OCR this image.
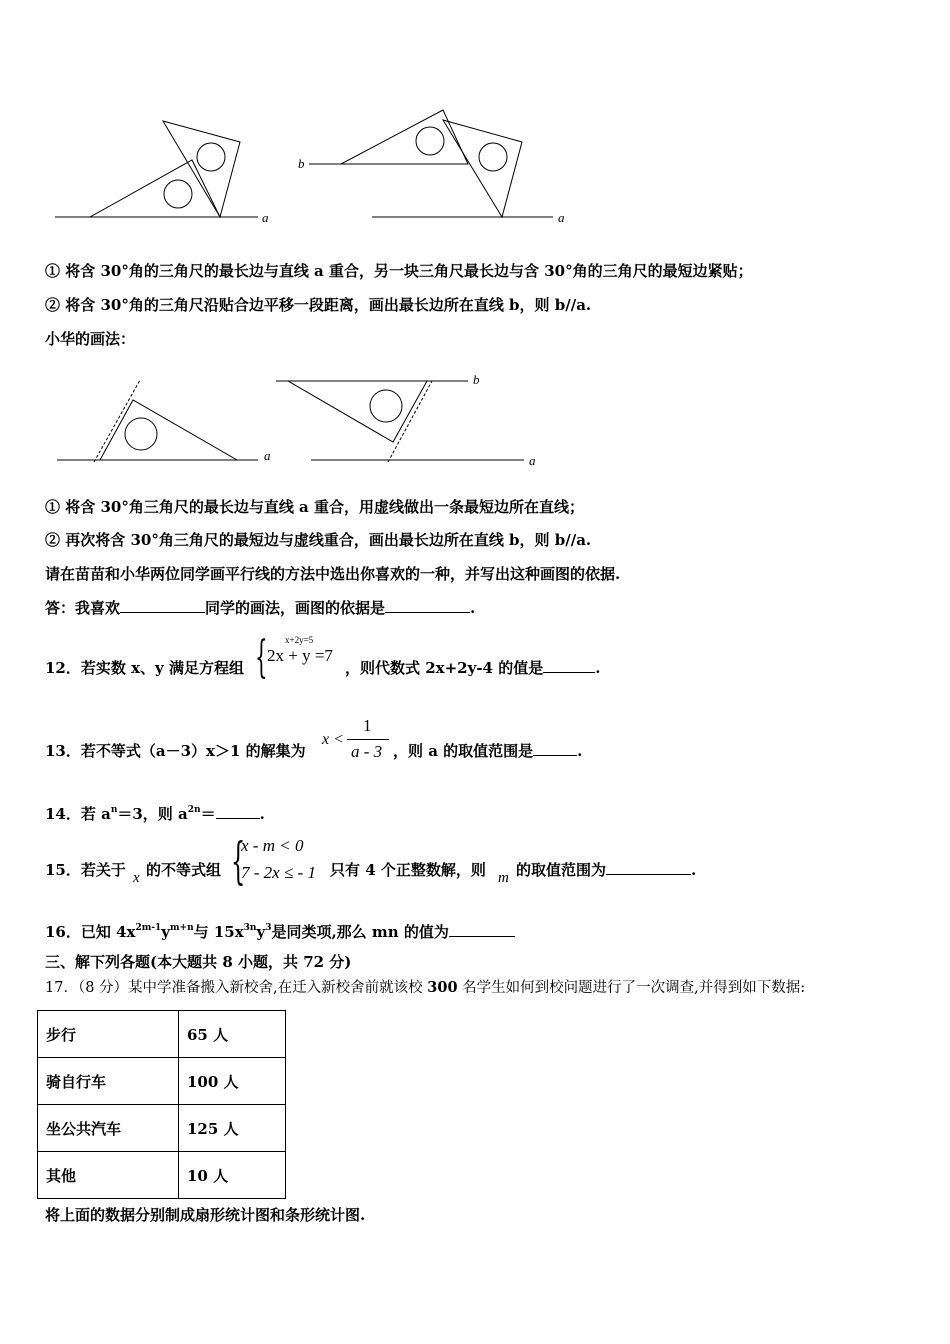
a
b
a
① 将含 30°角的三角尺的最长边与直线 a 重合，另一块三角尺最长边与含 30°角的三角尺的最短边紧贴；
② 将含 30°角的三角尺沿贴合边平移一段距离，画出最长边所在直线 b，则 b//a.
小华的画法：
a
b
a
① 将含 30°角三角尺的最长边与直线 a 重合，用虚线做出一条最短边所在直线；
② 再次将含 30°角三角尺的最短边与虚线重合，画出最长边所在直线 b，则 b//a.
请在苗苗和小华两位同学画平行线的方法中选出你喜欢的一种，并写出这种画图的依据.
答：我喜欢	同学的画法，画图的依据是	.
12．若实数 x、y 满足方程组 { x+2y=5
2x + y =7
，则代数式 2x+2y-4 的值是	.
13．若不等式（a－3）x＞1 的解集为
x <
1
a - 3 ，则 a 的取值范围是	.
14．若 $a^n=3$，则 $a^{2n}=$	.
15．若关于 x 的不等式组 {
x - m < 0
7 - 2x ≤ - 1 只有 4 个正整数解，则 m 的取值范围为	.
16．已知 $4x^{2m-1}y^{m+n}$与 $15x^{3n}y^3$是同类项,那么 mn 的值为
三、解下列各题(本大题共 8 小题，共 72 分)
17．（8 分）某中学准备搬入新校舍,在迁入新校舍前就该校 300 名学生如何到校问题进行了一次调查,并得到如下数据:
步行	65 人
骑自行车	100 人
坐公共汽车	125 人
其他	10 人
将上面的数据分别制成扇形统计图和条形统计图.
